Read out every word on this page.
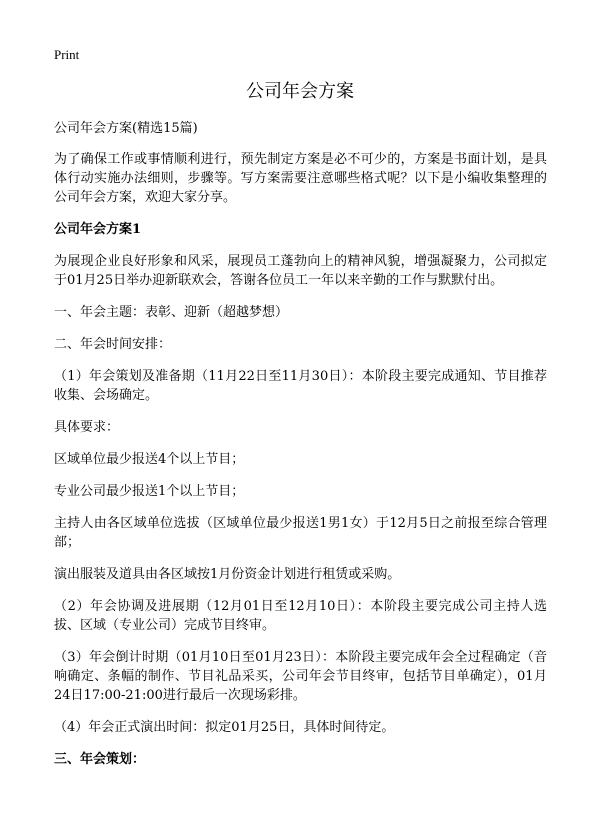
Print
公司年会方案

公司年会方案(精选15篇)

为了确保工作或事情顺利进行，预先制定方案是必不可少的，方案是书面计划，是具体行动实施办法细则，步骤等。写方案需要注意哪些格式呢？以下是小编收集整理的公司年会方案，欢迎大家分享。

公司年会方案1

为展现企业良好形象和风采，展现员工蓬勃向上的精神风貌，增强凝聚力，公司拟定于01月25日举办迎新联欢会，答谢各位员工一年以来辛勤的工作与默默付出。

一、年会主题：表彰、迎新（超越梦想）

二、年会时间安排：

（1）年会策划及准备期（11月22日至11月30日）：本阶段主要完成通知、节目推荐收集、会场确定。

具体要求：

区域单位最少报送4个以上节目；

专业公司最少报送1个以上节目；

主持人由各区域单位选拔（区域单位最少报送1男1女）于12月5日之前报至综合管理部；

演出服装及道具由各区域按1月份资金计划进行租赁或采购。

（2）年会协调及进展期（12月01日至12月10日）：本阶段主要完成公司主持人选拔、区域（专业公司）完成节目终审。

（3）年会倒计时期（01月10日至01月23日）：本阶段主要完成年会全过程确定（音响确定、条幅的制作、节目礼品采买，公司年会节目终审，包括节目单确定），01月24日17:00-21:00进行最后一次现场彩排。

（4）年会正式演出时间：拟定01月25日，具体时间待定。

三、年会策划：
